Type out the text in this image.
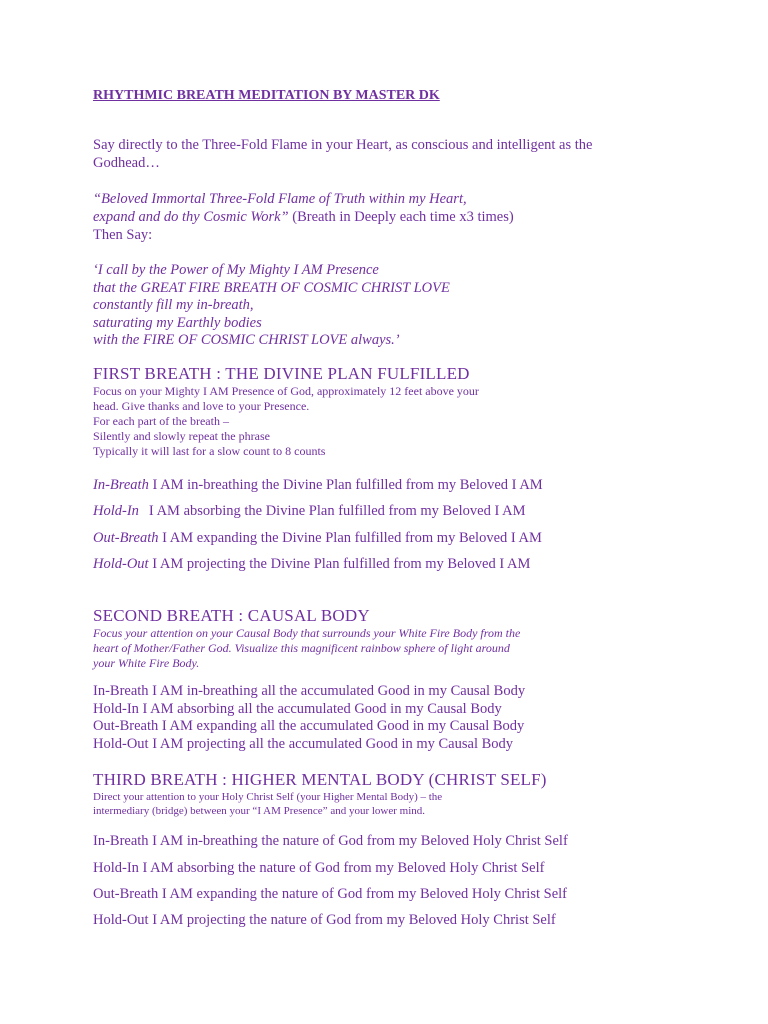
RHYTHMIC BREATH MEDITATION BY MASTER DK
Say directly to the Three-Fold Flame in your Heart, as conscious and intelligent as the
Godhead…
“Beloved Immortal Three-Fold Flame of Truth within my Heart,
expand and do thy Cosmic Work” (Breath in Deeply each time x3 times)
Then Say:
‘I call by the Power of My Mighty I AM Presence
that the GREAT FIRE BREATH OF COSMIC CHRIST LOVE
constantly fill my in-breath,
saturating my Earthly bodies
with the FIRE OF COSMIC CHRIST LOVE always.’
FIRST BREATH : THE DIVINE PLAN FULFILLED
Focus on your Mighty I AM Presence of God, approximately 12 feet above your
head. Give thanks and love to your Presence.
For each part of the breath –
Silently and slowly repeat the phrase
Typically it will last for a slow count to 8 counts
In-Breath I AM in-breathing the Divine Plan fulfilled from my Beloved I AM
Hold-In I AM absorbing the Divine Plan fulfilled from my Beloved I AM
Out-Breath I AM expanding the Divine Plan fulfilled from my Beloved I AM
Hold-Out I AM projecting the Divine Plan fulfilled from my Beloved I AM
SECOND BREATH : CAUSAL BODY
Focus your attention on your Causal Body that surrounds your White Fire Body from the
heart of Mother/Father God. Visualize this magnificent rainbow sphere of light around
your White Fire Body.
In-Breath I AM in-breathing all the accumulated Good in my Causal Body
Hold-In I AM absorbing all the accumulated Good in my Causal Body
Out-Breath I AM expanding all the accumulated Good in my Causal Body
Hold-Out I AM projecting all the accumulated Good in my Causal Body
THIRD BREATH : HIGHER MENTAL BODY (CHRIST SELF)
Direct your attention to your Holy Christ Self (your Higher Mental Body) – the
intermediary (bridge) between your “I AM Presence” and your lower mind.
In-Breath I AM in-breathing the nature of God from my Beloved Holy Christ Self
Hold-In I AM absorbing the nature of God from my Beloved Holy Christ Self
Out-Breath I AM expanding the nature of God from my Beloved Holy Christ Self
Hold-Out I AM projecting the nature of God from my Beloved Holy Christ Self
